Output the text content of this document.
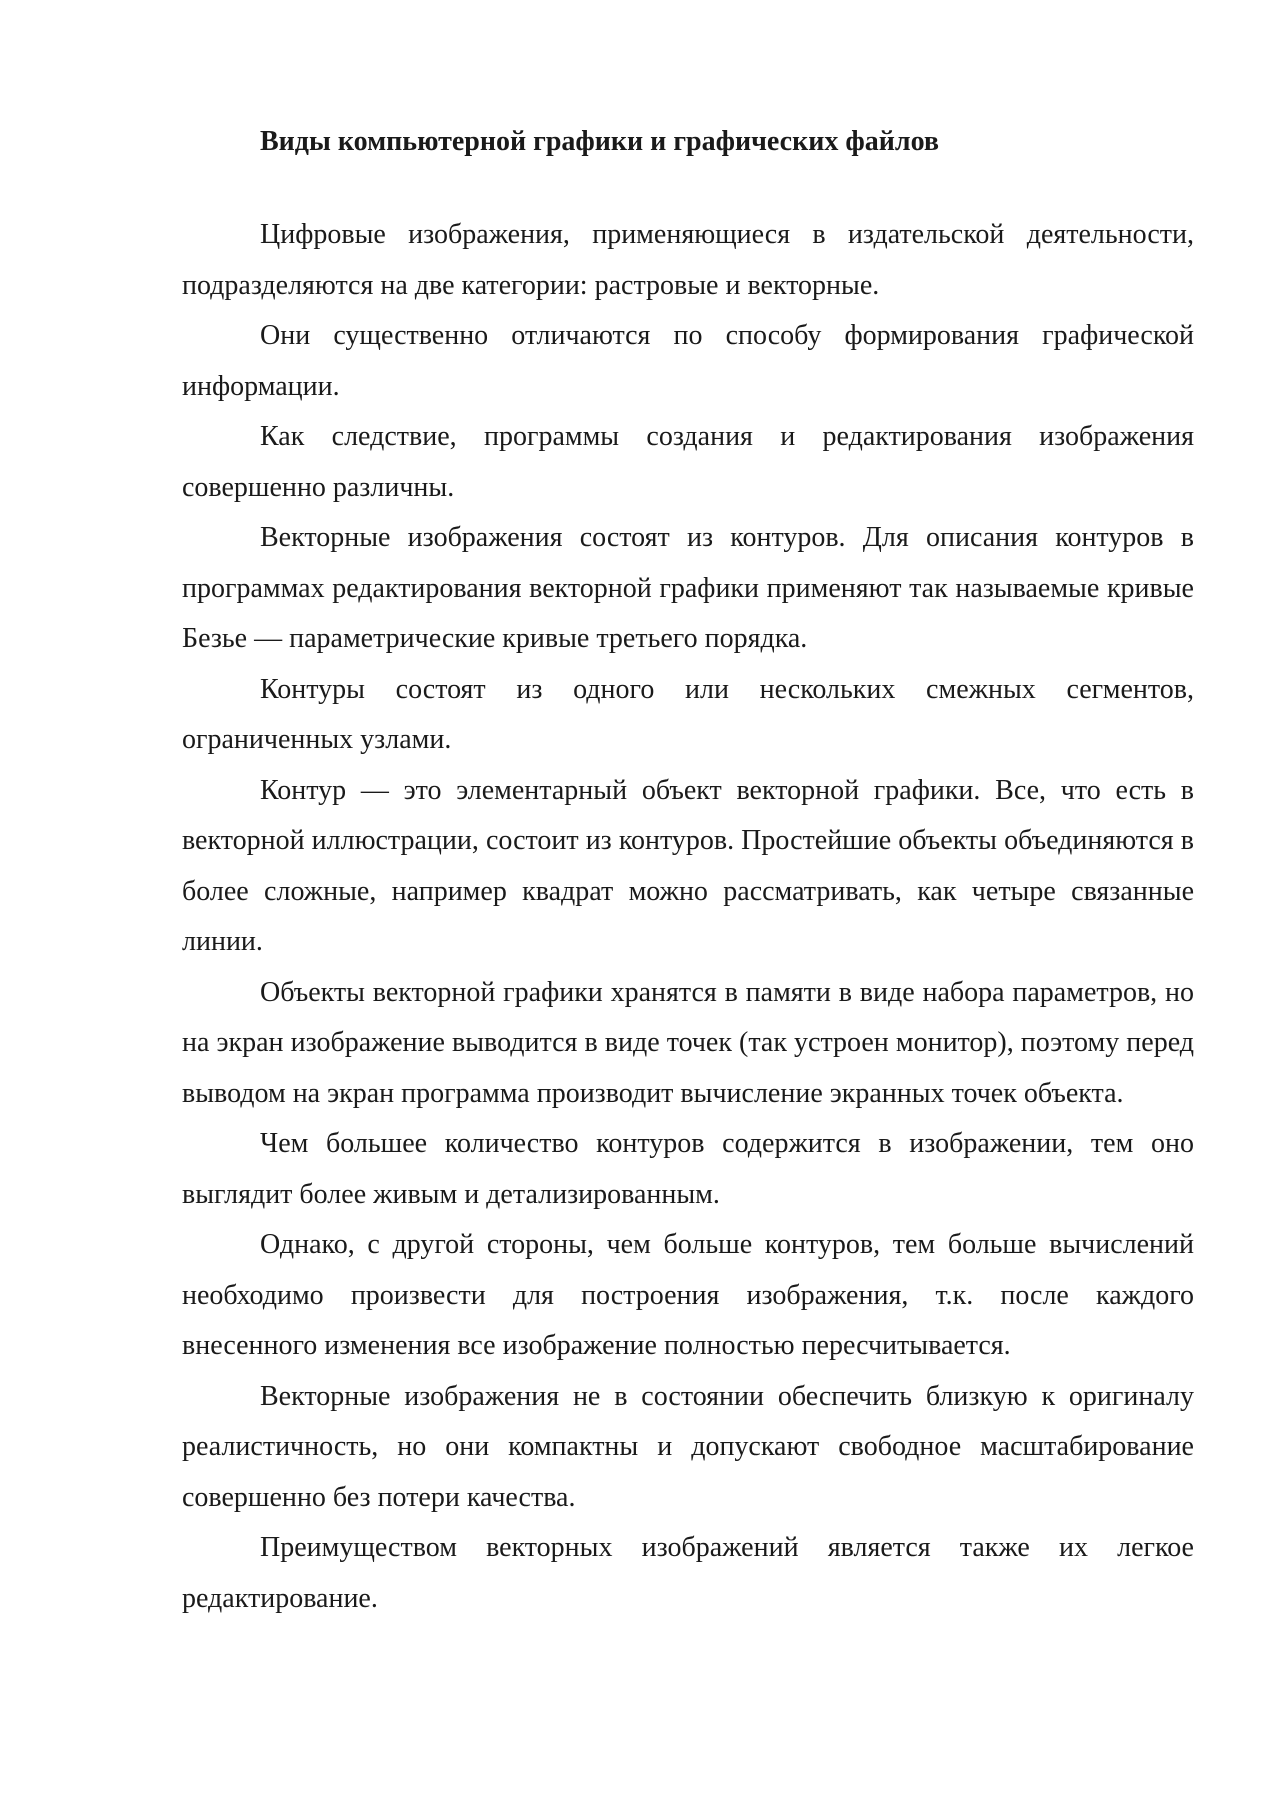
Виды компьютерной графики и графических файлов

Цифровые изображения, применяющиеся в издательской деятельности, подразделяются на две категории: растровые и векторные.

Они существенно отличаются по способу формирования графической информации.

Как следствие, программы создания и редактирования изображения совершенно различны.

Векторные изображения состоят из контуров. Для описания контуров в программах редактирования векторной графики применяют так называемые кривые Безье — параметрические кривые третьего порядка.

Контуры состоят из одного или нескольких смежных сегментов, ограниченных узлами.

Контур — это элементарный объект векторной графики. Все, что есть в векторной иллюстрации, состоит из контуров. Простейшие объекты объединяются в более сложные, например квадрат можно рассматривать, как четыре связанные линии.

Объекты векторной графики хранятся в памяти в виде набора параметров, но на экран изображение выводится в виде точек (так устроен монитор), поэтому перед выводом на экран программа производит вычисление экранных точек объекта.

Чем большее количество контуров содержится в изображении, тем оно выглядит более живым и детализированным.

Однако, с другой стороны, чем больше контуров, тем больше вычислений необходимо произвести для построения изображения, т.к. после каждого внесенного изменения все изображение полностью пересчитывается.

Векторные изображения не в состоянии обеспечить близкую к оригиналу реалистичность, но они компактны и допускают свободное масштабирование совершенно без потери качества.

Преимуществом векторных изображений является также их легкое редактирование.
